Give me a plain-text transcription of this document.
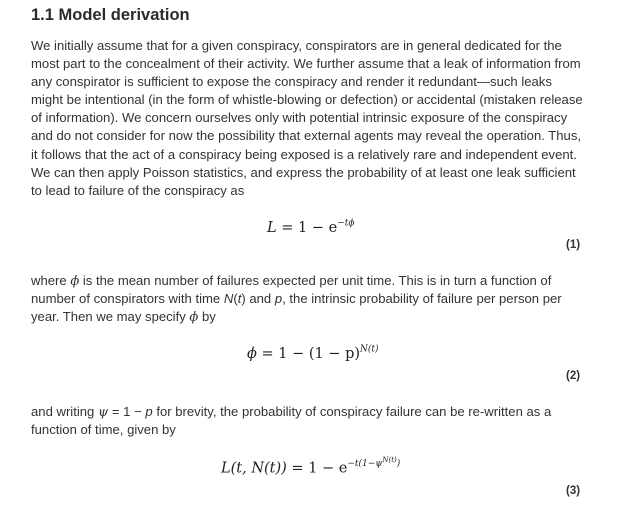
1.1 Model derivation
We initially assume that for a given conspiracy, conspirators are in general dedicated for the
most part to the concealment of their activity. We further assume that a leak of information from
any conspirator is sufficient to expose the conspiracy and render it redundant—such leaks
might be intentional (in the form of whistle-blowing or defection) or accidental (mistaken release
of information). We concern ourselves only with potential intrinsic exposure of the conspiracy
and do not consider for now the possibility that external agents may reveal the operation. Thus,
it follows that the act of a conspiracy being exposed is a relatively rare and independent event.
We can then apply Poisson statistics, and express the probability of at least one leak sufficient
to lead to failure of the conspiracy as
$L = 1 - e^{-t\phi}$
(1)
where ϕ is the mean number of failures expected per unit time. This is in turn a function of
number of conspirators with time N(t) and p, the intrinsic probability of failure per person per
year. Then we may specify ϕ by
$\phi = 1 - (1 - p)^{N(t)}$
(2)
and writing ψ = 1 − p for brevity, the probability of conspiracy failure can be re-written as a
function of time, given by
L(t, $N(t)) = 1 - e^{-t(1-\psi^{N(t)})}$
(3)
